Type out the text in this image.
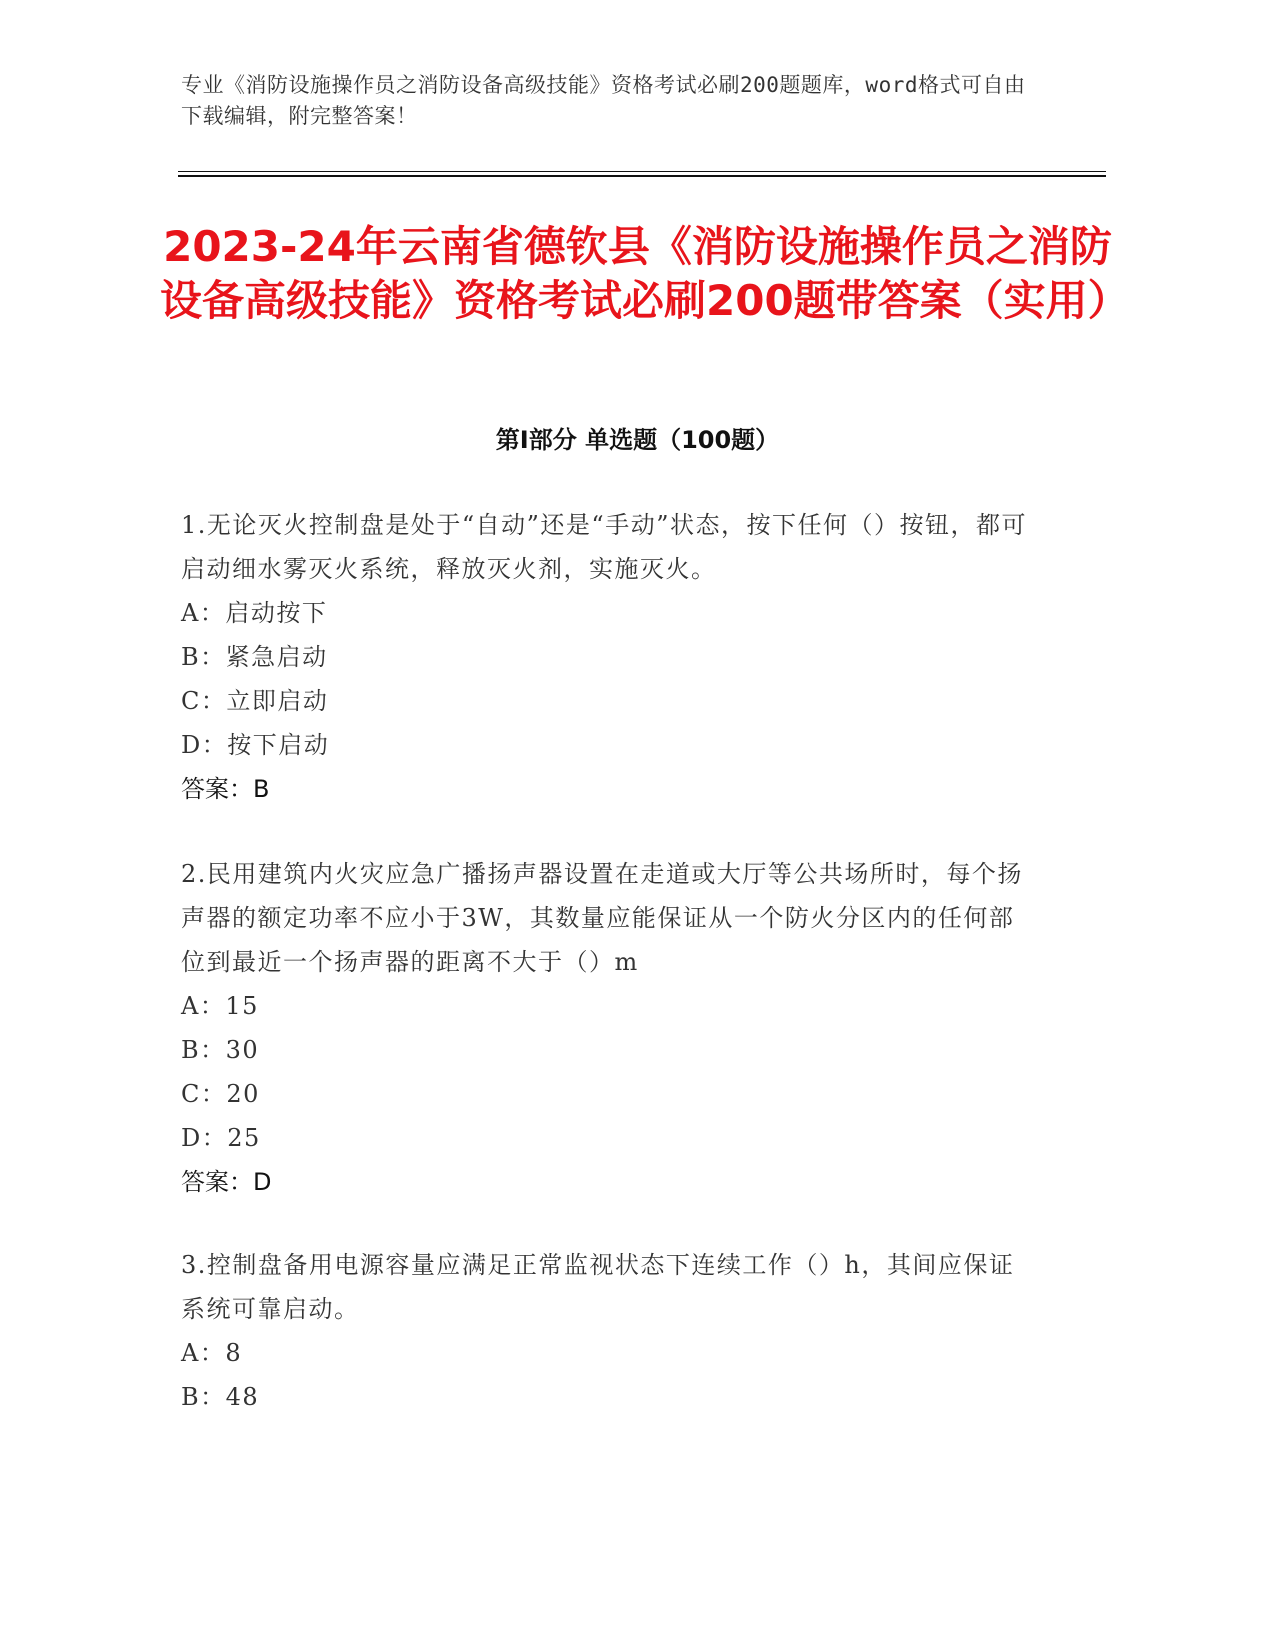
专业《消防设施操作员之消防设备高级技能》资格考试必刷200题题库，word格式可自由下载编辑，附完整答案！
2023-24年云南省德钦县《消防设施操作员之消防设备高级技能》资格考试必刷200题带答案（实用）
第Ⅰ部分 单选题（100题）
1.无论灭火控制盘是处于“自动”还是“手动”状态，按下任何（）按钮，都可启动细水雾灭火系统，释放灭火剂，实施灭火。
A：启动按下
B：紧急启动
C：立即启动
D：按下启动
答案：B
2.民用建筑内火灾应急广播扬声器设置在走道或大厅等公共场所时，每个扬声器的额定功率不应小于3W，其数量应能保证从一个防火分区内的任何部位到最近一个扬声器的距离不大于（）m
A：15
B：30
C：20
D：25
答案：D
3.控制盘备用电源容量应满足正常监视状态下连续工作（）h，其间应保证系统可靠启动。
A：8
B：48
